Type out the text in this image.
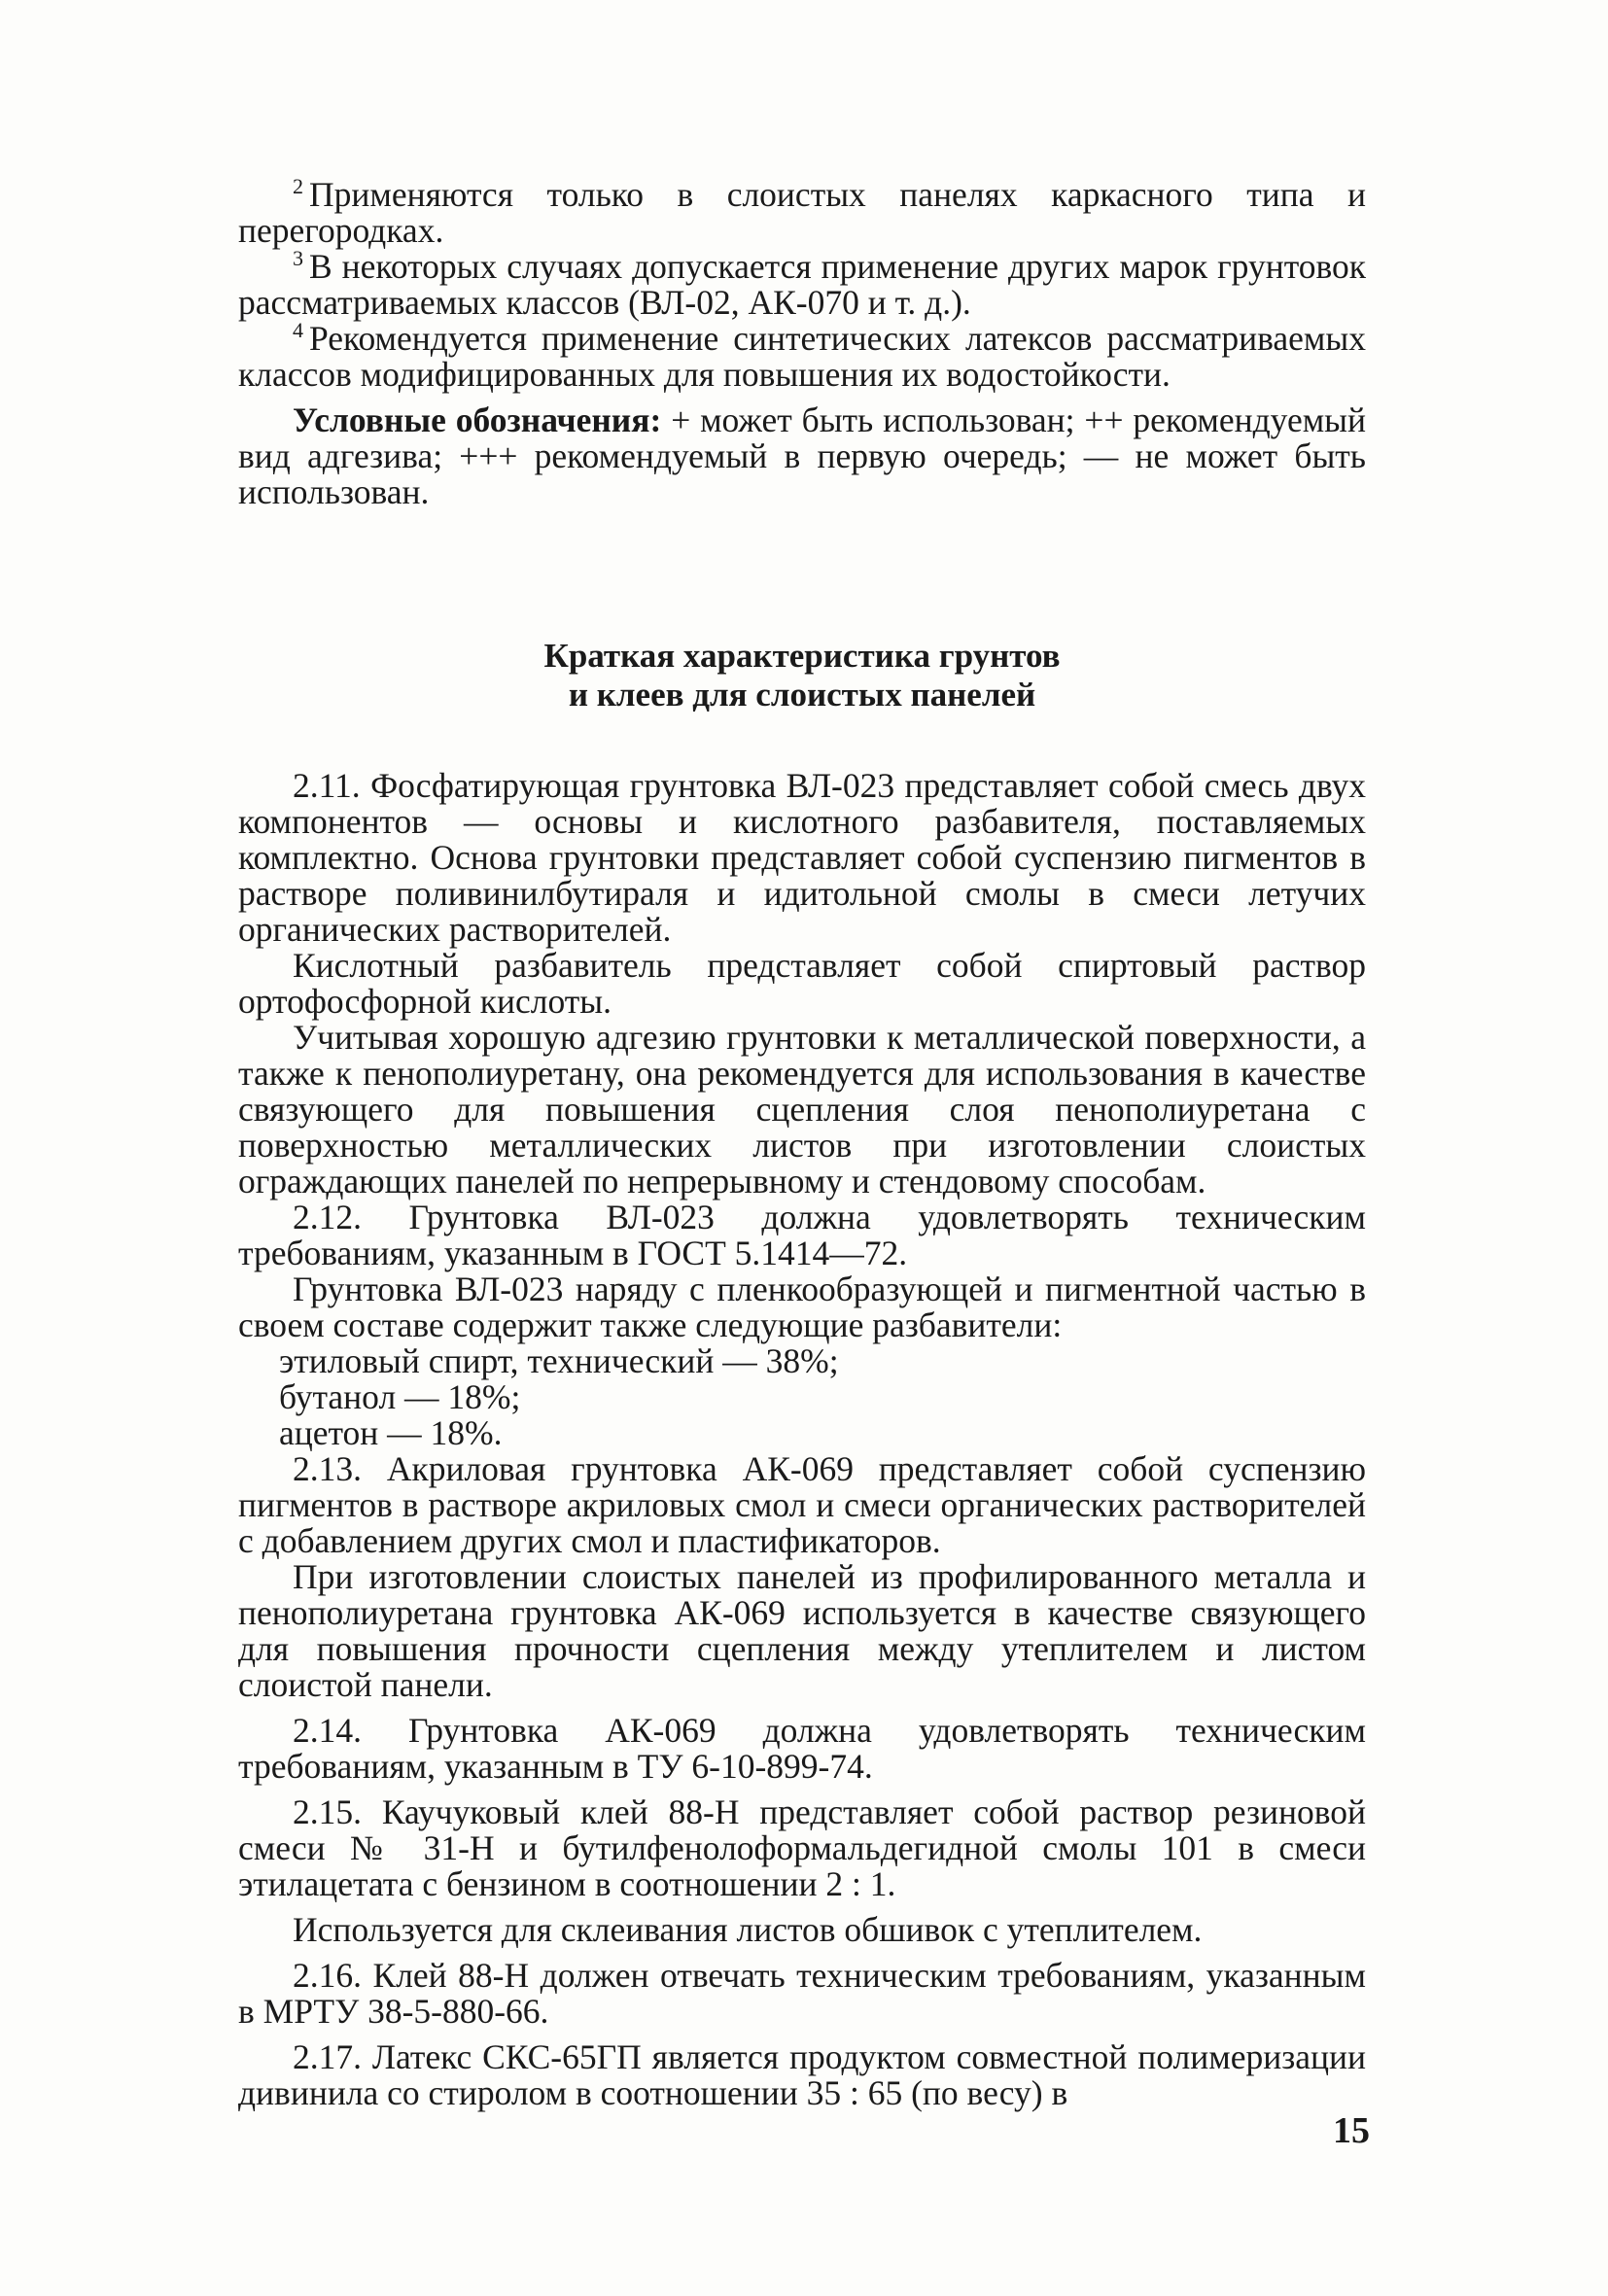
$^2$ Применяются только в слоистых панелях каркасного типа и перегородках.

$^3$ В некоторых случаях допускается применение других марок грунтовок рассматриваемых классов (ВЛ-02, АК-070 и т. д.).

$^4$ Рекомендуется применение синтетических латексов рассматриваемых классов модифицированных для повышения их водостойкости.

Условные обозначения: + может быть использован; ++ рекомендуемый вид адгезива; +++ рекомендуемый в первую очередь; — не может быть использован.

Краткая характеристика грунтов
и клеев для слоистых панелей

2.11. Фосфатирующая грунтовка ВЛ-023 представляет собой смесь двух компонентов — основы и кислотного разбавителя, поставляемых комплектно. Основа грунтовки представляет собой суспензию пигментов в растворе поливинилбутираля и идитольной смолы в смеси летучих органических растворителей.

Кислотный разбавитель представляет собой спиртовый раствор ортофосфорной кислоты.

Учитывая хорошую адгезию грунтовки к металлической поверхности, а также к пенополиуретану, она рекомендуется для использования в качестве связующего для повышения сцепления слоя пенополиуретана с поверхностью металлических листов при изготовлении слоистых ограждающих панелей по непрерывному и стендовому способам.

2.12. Грунтовка ВЛ-023 должна удовлетворять техническим требованиям, указанным в ГОСТ 5.1414—72.

Грунтовка ВЛ-023 наряду с пленкообразующей и пигментной частью в своем составе содержит также следующие разбавители:

этиловый спирт, технический — 38%;

бутанол — 18%;

ацетон — 18%.

2.13. Акриловая грунтовка АК-069 представляет собой суспензию пигментов в растворе акриловых смол и смеси органических растворителей с добавлением других смол и пластификаторов.

При изготовлении слоистых панелей из профилированного металла и пенополиуретана грунтовка АК-069 используется в качестве связующего для повышения прочности сцепления между утеплителем и листом слоистой панели.

2.14. Грунтовка АК-069 должна удовлетворять техническим требованиям, указанным в ТУ 6-10-899-74.

2.15. Каучуковый клей 88-Н представляет собой раствор резиновой смеси № 31-Н и бутилфенолоформальдегидной смолы 101 в смеси этилацетата с бензином в соотношении 2 : 1.

Используется для склеивания листов обшивок с утеплителем.

2.16. Клей 88-Н должен отвечать техническим требованиям, указанным в МРТУ 38-5-880-66.

2.17. Латекс СКС-65ГП является продуктом совместной полимеризации дивинила со стиролом в соотношении 35 : 65 (по весу) в

15
